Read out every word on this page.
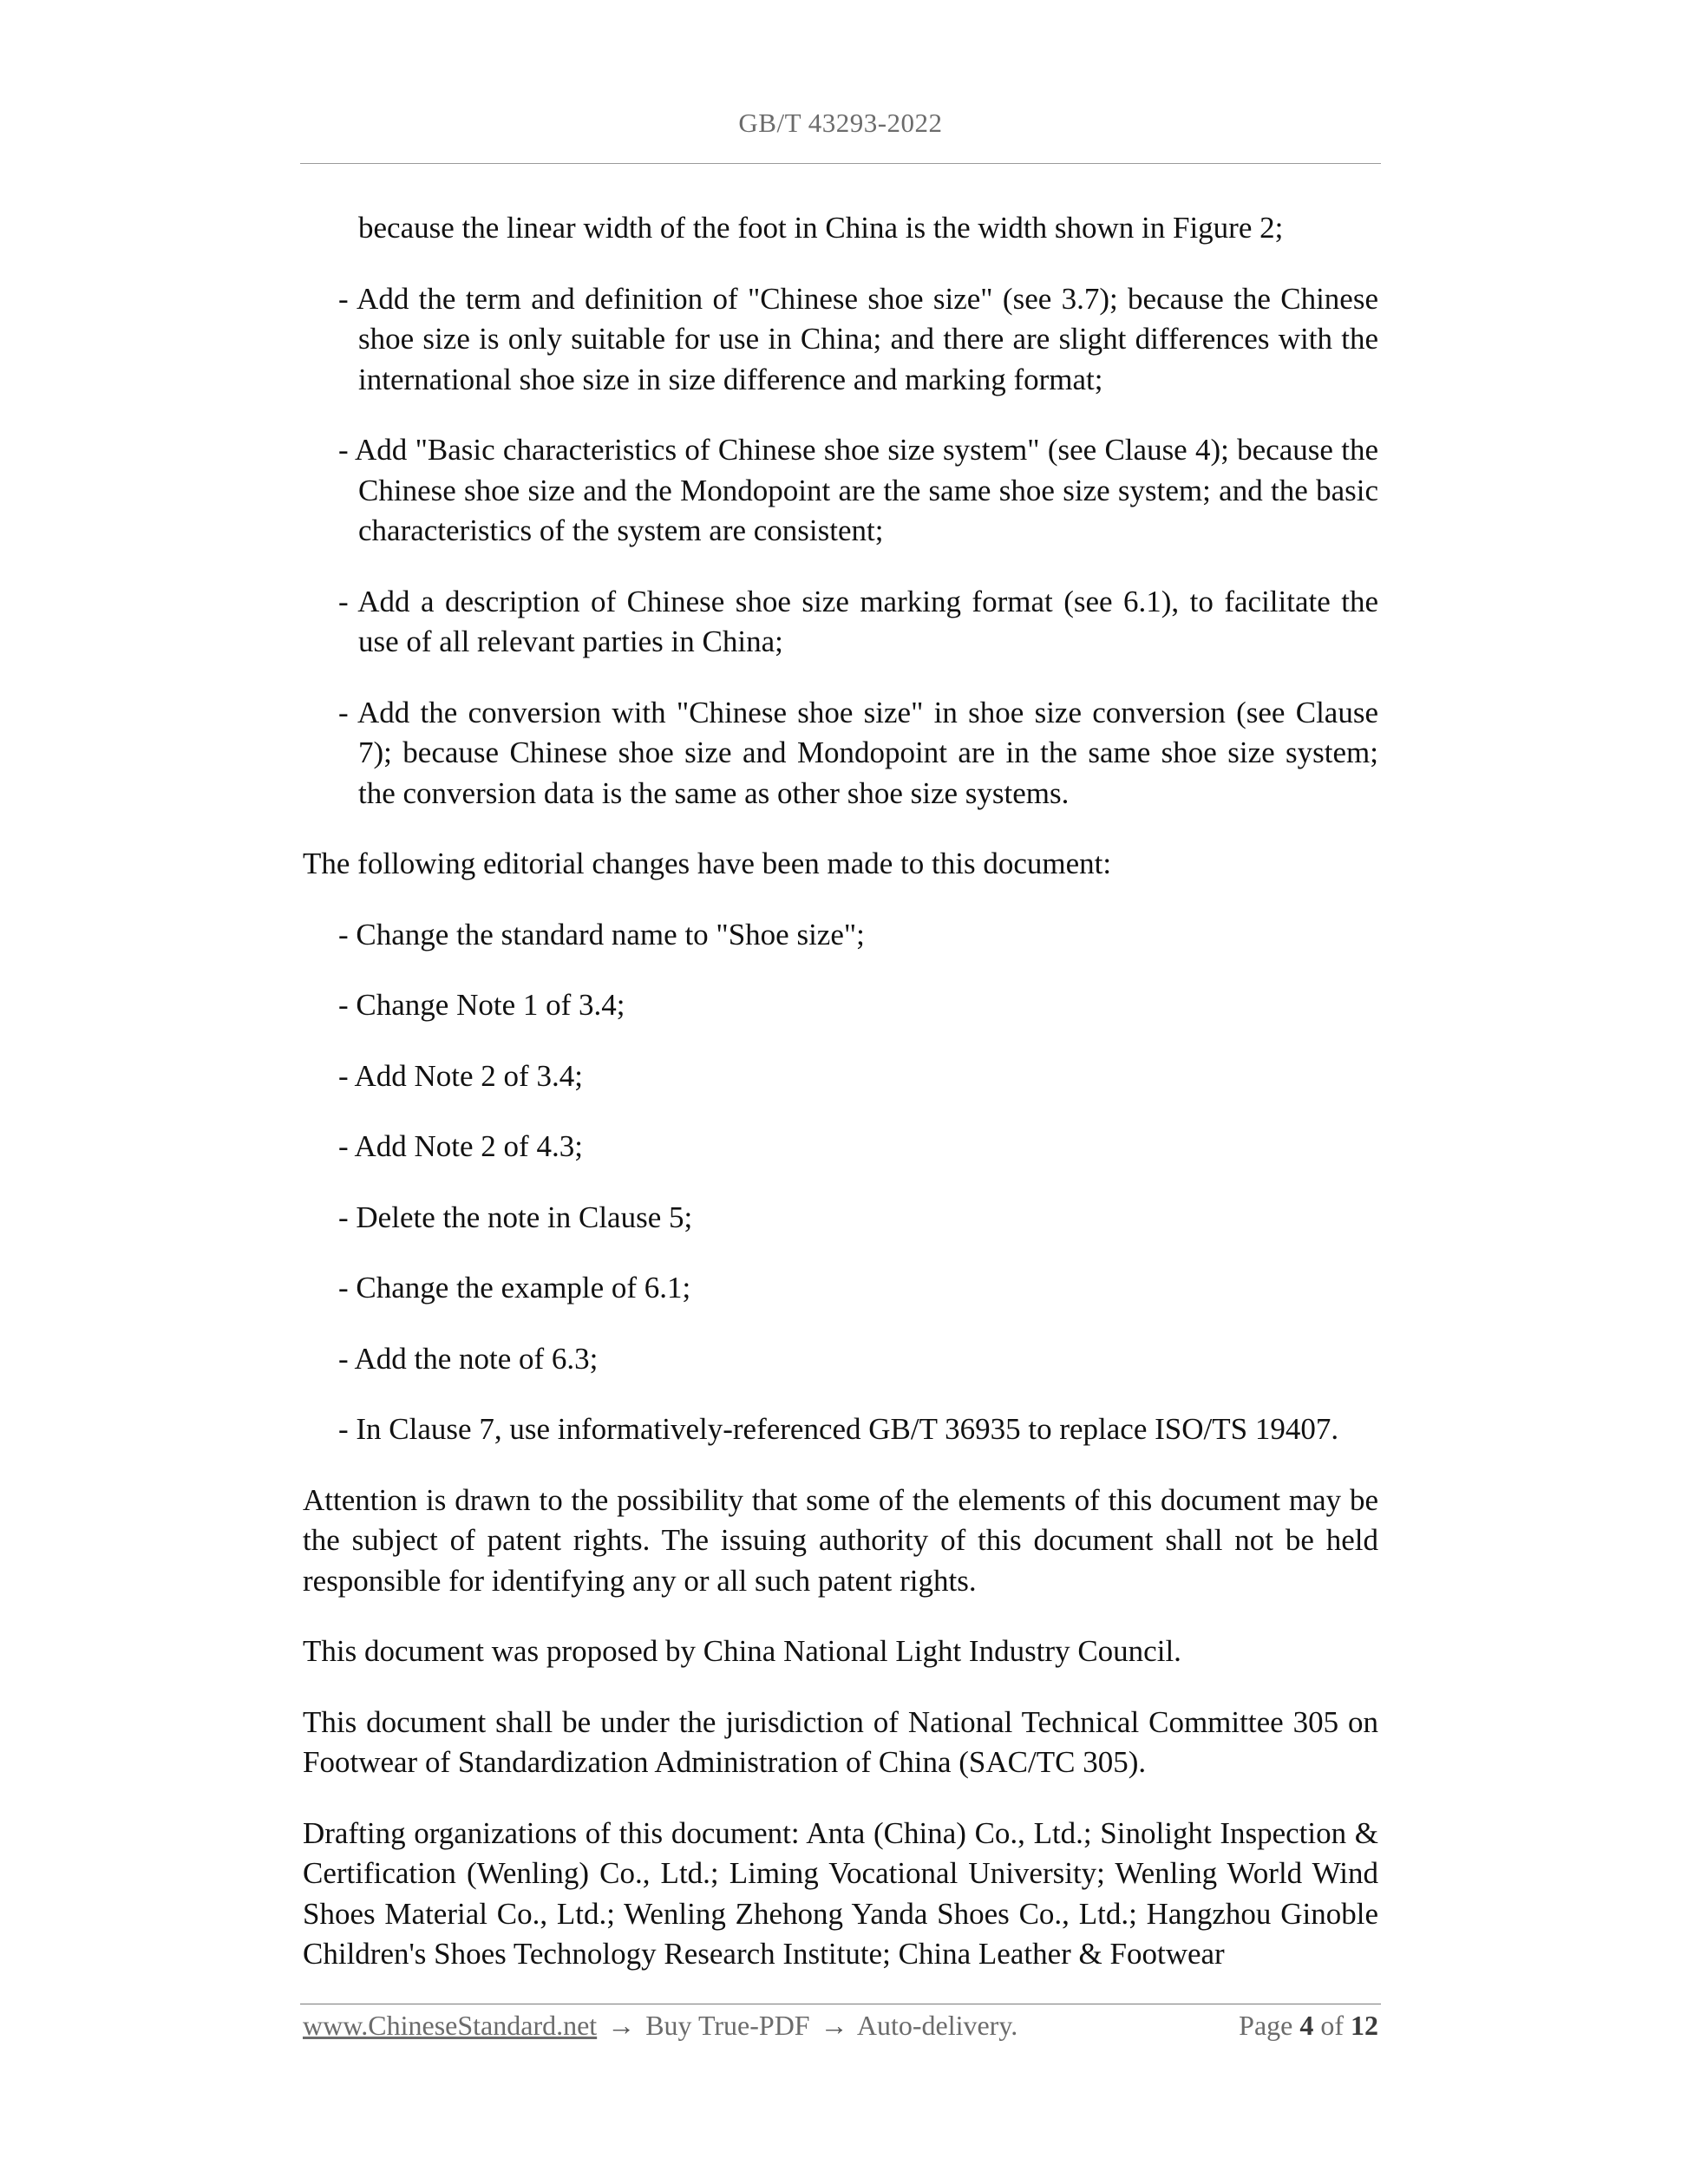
GB/T 43293-2022

because the linear width of the foot in China is the width shown in Figure 2;

- Add the term and definition of "Chinese shoe size" (see 3.7); because the Chinese shoe size is only suitable for use in China; and there are slight differences with the international shoe size in size difference and marking format;

- Add "Basic characteristics of Chinese shoe size system" (see Clause 4); because the Chinese shoe size and the Mondopoint are the same shoe size system; and the basic characteristics of the system are consistent;

- Add a description of Chinese shoe size marking format (see 6.1), to facilitate the use of all relevant parties in China;

- Add the conversion with "Chinese shoe size" in shoe size conversion (see Clause 7); because Chinese shoe size and Mondopoint are in the same shoe size system; the conversion data is the same as other shoe size systems.

The following editorial changes have been made to this document:

- Change the standard name to "Shoe size";

- Change Note 1 of 3.4;

- Add Note 2 of 3.4;

- Add Note 2 of 4.3;

- Delete the note in Clause 5;

- Change the example of 6.1;

- Add the note of 6.3;

- In Clause 7, use informatively-referenced GB/T 36935 to replace ISO/TS 19407.

Attention is drawn to the possibility that some of the elements of this document may be the subject of patent rights. The issuing authority of this document shall not be held responsible for identifying any or all such patent rights.

This document was proposed by China National Light Industry Council.

This document shall be under the jurisdiction of National Technical Committee 305 on Footwear of Standardization Administration of China (SAC/TC 305).

Drafting organizations of this document: Anta (China) Co., Ltd.; Sinolight Inspection & Certification (Wenling) Co., Ltd.; Liming Vocational University; Wenling World Wind Shoes Material Co., Ltd.; Wenling Zhehong Yanda Shoes Co., Ltd.; Hangzhou Ginoble Children's Shoes Technology Research Institute; China Leather & Footwear

www.ChineseStandard.net → Buy True-PDF → Auto-delivery.	Page 4 of 12
